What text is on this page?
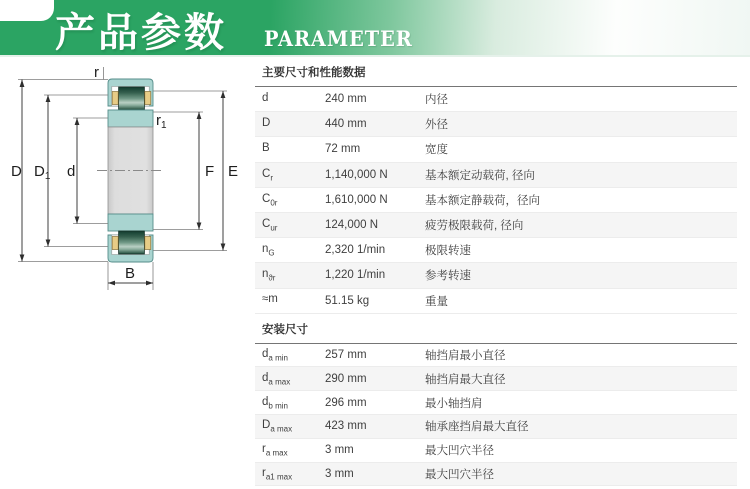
产品参数 PARAMETER
r
$r_1$
D $D_1$ d	F E
B
主要尺寸和性能数据
d	240 mm	内径
D	440 mm	外径
B	72 mm	宽度
$C_r$	1,140,000 N	基本额定动载荷, 径向
$C_{0r}$	1,610,000 N	基本额定静载荷，径向
$C_{ur}$	124,000 N	疲劳极限载荷, 径向
$n_G$	2,320 1/min	极限转速
$n_{ϑr}$	1,220 1/min	参考转速
≈m	51.15 kg	重量
安装尺寸
$d_{a min}$	257 mm	轴挡肩最小直径
$d_{a max}$	290 mm	轴挡肩最大直径
$d_{b min}$	296 mm	最小轴挡肩
$D_{a max}$	423 mm	轴承座挡肩最大直径
$r_{a max}$	3 mm	最大凹穴半径
$r_{a1 max}$	3 mm	最大凹穴半径
